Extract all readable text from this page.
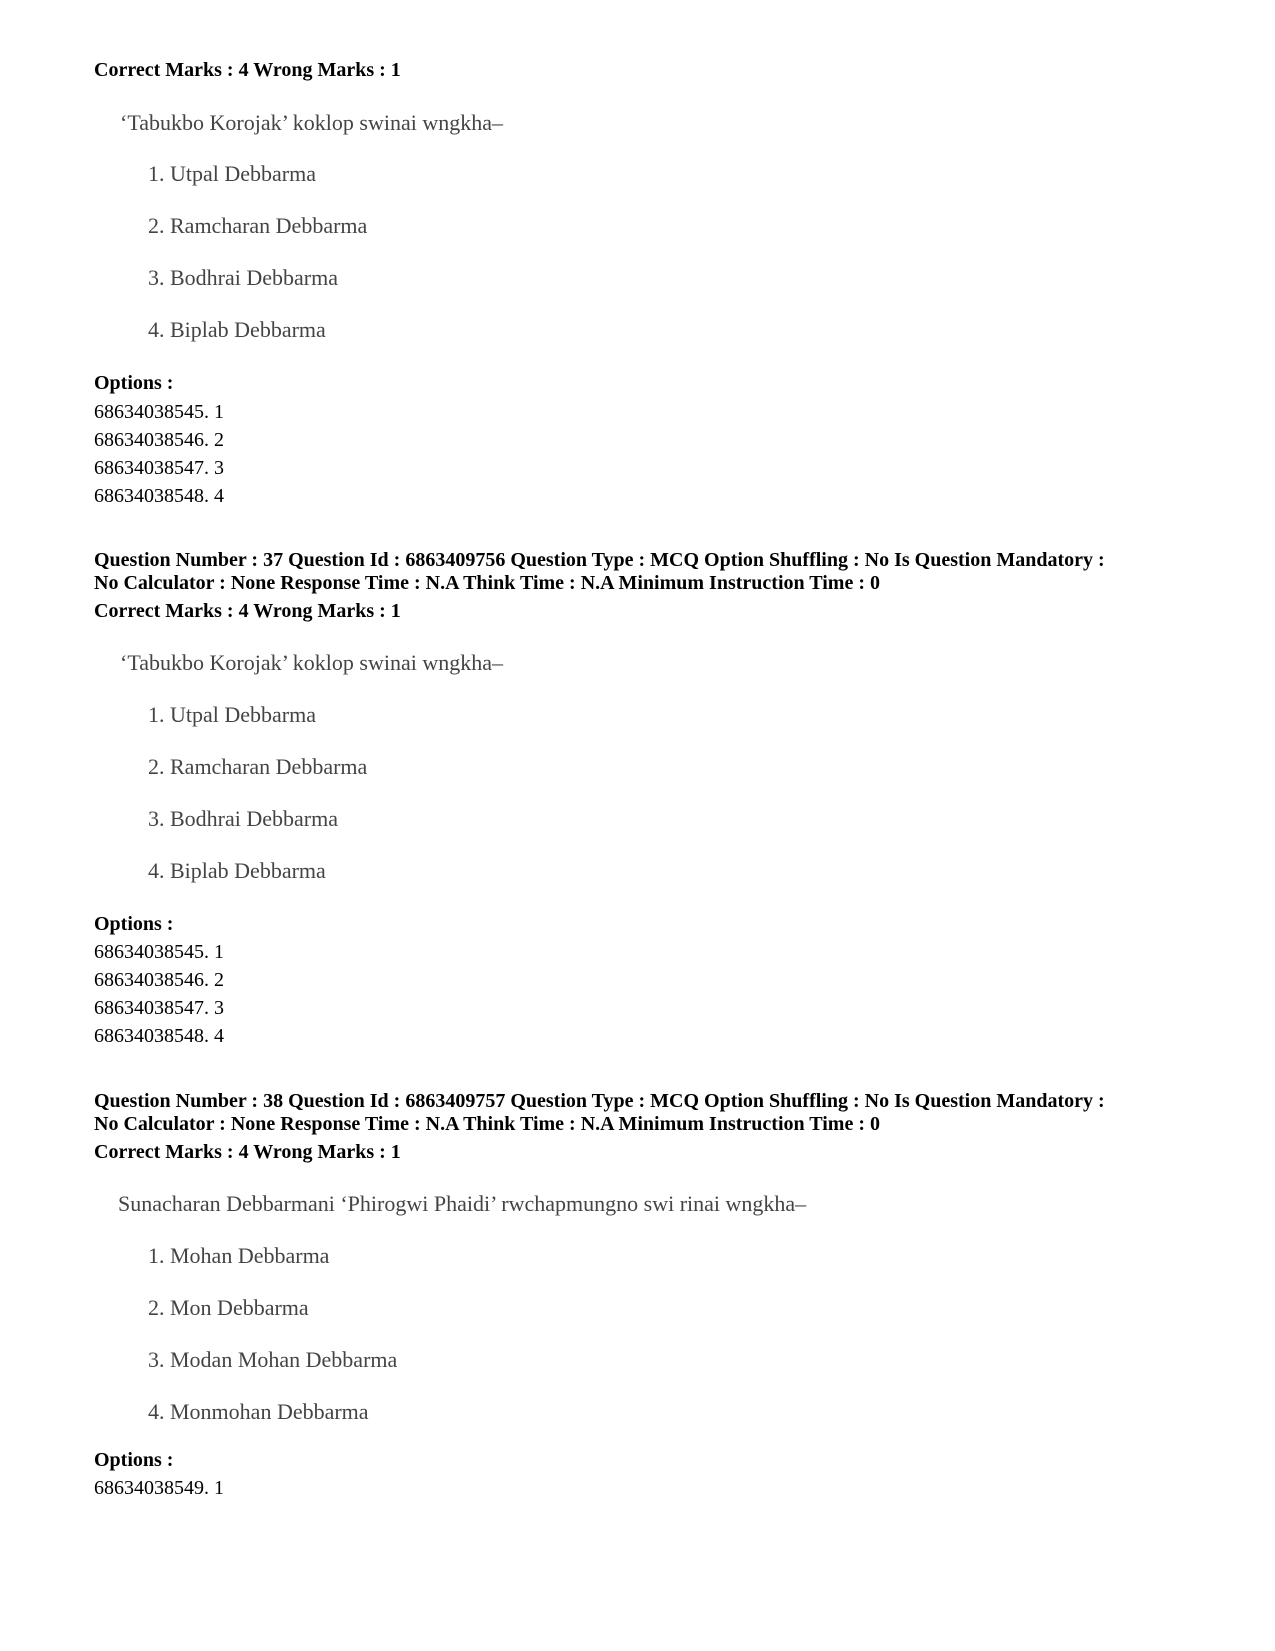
Correct Marks : 4 Wrong Marks : 1
‘Tabukbo Korojak’ koklop swinai wngkha–
1. Utpal Debbarma
2. Ramcharan Debbarma
3. Bodhrai Debbarma
4. Biplab Debbarma
Options :
68634038545. 1
68634038546. 2
68634038547. 3
68634038548. 4
Question Number : 37 Question Id : 6863409756 Question Type : MCQ Option Shuffling : No Is Question Mandatory :
No Calculator : None Response Time : N.A Think Time : N.A Minimum Instruction Time : 0
Correct Marks : 4 Wrong Marks : 1
‘Tabukbo Korojak’ koklop swinai wngkha–
1. Utpal Debbarma
2. Ramcharan Debbarma
3. Bodhrai Debbarma
4. Biplab Debbarma
Options :
68634038545. 1
68634038546. 2
68634038547. 3
68634038548. 4
Question Number : 38 Question Id : 6863409757 Question Type : MCQ Option Shuffling : No Is Question Mandatory :
No Calculator : None Response Time : N.A Think Time : N.A Minimum Instruction Time : 0
Correct Marks : 4 Wrong Marks : 1
Sunacharan Debbarmani ‘Phirogwi Phaidi’ rwchapmungno swi rinai wngkha–
1. Mohan Debbarma
2. Mon Debbarma
3. Modan Mohan Debbarma
4. Monmohan Debbarma
Options :
68634038549. 1
